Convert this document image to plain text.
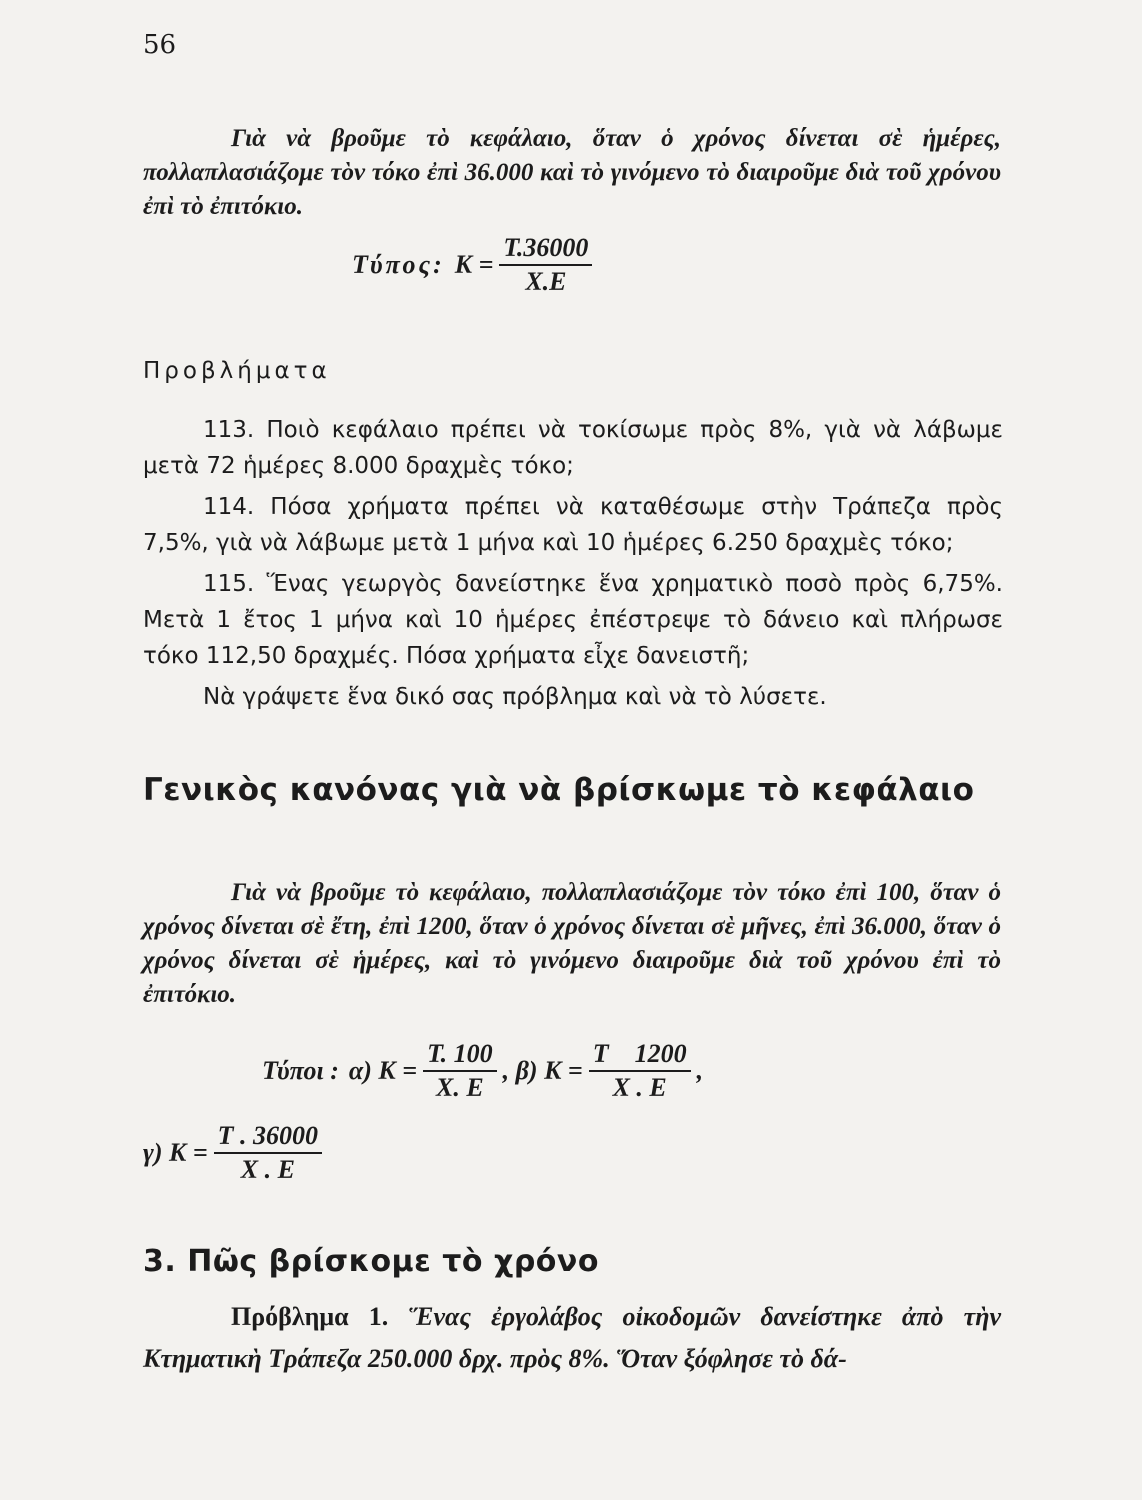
56
Γιὰ νὰ βροῦμε τὸ κεφάλαιο, ὅταν ὁ χρόνος δίνεται σὲ ἡμέρες, πολλαπλασιάζομε τὸν τόκο ἐπὶ 36.000 καὶ τὸ γινόμενο τὸ διαιροῦμε διὰ τοῦ χρόνου ἐπὶ τὸ ἐπιτόκιο.
Τύπος: $K = \frac{T.36000}{X.E}$
Προβλήματα

113. Ποιὸ κεφάλαιο πρέπει νὰ τοκίσωμε πρὸς 8%, γιὰ νὰ λάβωμε μετὰ 72 ἡμέρες 8.000 δραχμὲς τόκο;

114. Πόσα χρήματα πρέπει νὰ καταθέσωμε στὴν Τράπεζα πρὸς 7,5%, γιὰ νὰ λάβωμε μετὰ 1 μήνα καὶ 10 ἡμέρες 6.250 δραχμὲς τόκο;

115. Ἕνας γεωργὸς δανείστηκε ἕνα χρηματικὸ ποσὸ πρὸς 6,75%. Μετὰ 1 ἔτος 1 μήνα καὶ 10 ἡμέρες ἐπέστρεψε τὸ δάνειο καὶ πλήρωσε τόκο 112,50 δραχμές. Πόσα χρήματα εἶχε δανειστῆ;

Νὰ γράψετε ἕνα δικό σας πρόβλημα καὶ νὰ τὸ λύσετε.

Γενικὸς κανόνας γιὰ νὰ βρίσκωμε τὸ κεφάλαιο
Γιὰ νὰ βροῦμε τὸ κεφάλαιο, πολλαπλασιάζομε τὸν τόκο ἐπὶ 100, ὅταν ὁ χρόνος δίνεται σὲ ἔτη, ἐπὶ 1200, ὅταν ὁ χρόνος δίνεται σὲ μῆνες, ἐπὶ 36.000, ὅταν ὁ χρόνος δίνεται σὲ ἡμέρες, καὶ τὸ γινόμενο διαιροῦμε διὰ τοῦ χρόνου ἐπὶ τὸ ἐπιτόκιο.
Τύποι : α) $K = \frac{T. 100}{X. E}$ , β) $K = \frac{T 1200}{X . E}$ ,
γ) $K = \frac{T . 36000}{X . E}$
3. Πῶς βρίσκομε τὸ χρόνο
Πρόβλημα 1. Ἕνας ἐργολάβος οἰκοδομῶν δανείστηκε ἀπὸ τὴν Κτηματικὴ Τράπεζα 250.000 δρχ. πρὸς 8%. Ὅταν ξόφλησε τὸ δά-
